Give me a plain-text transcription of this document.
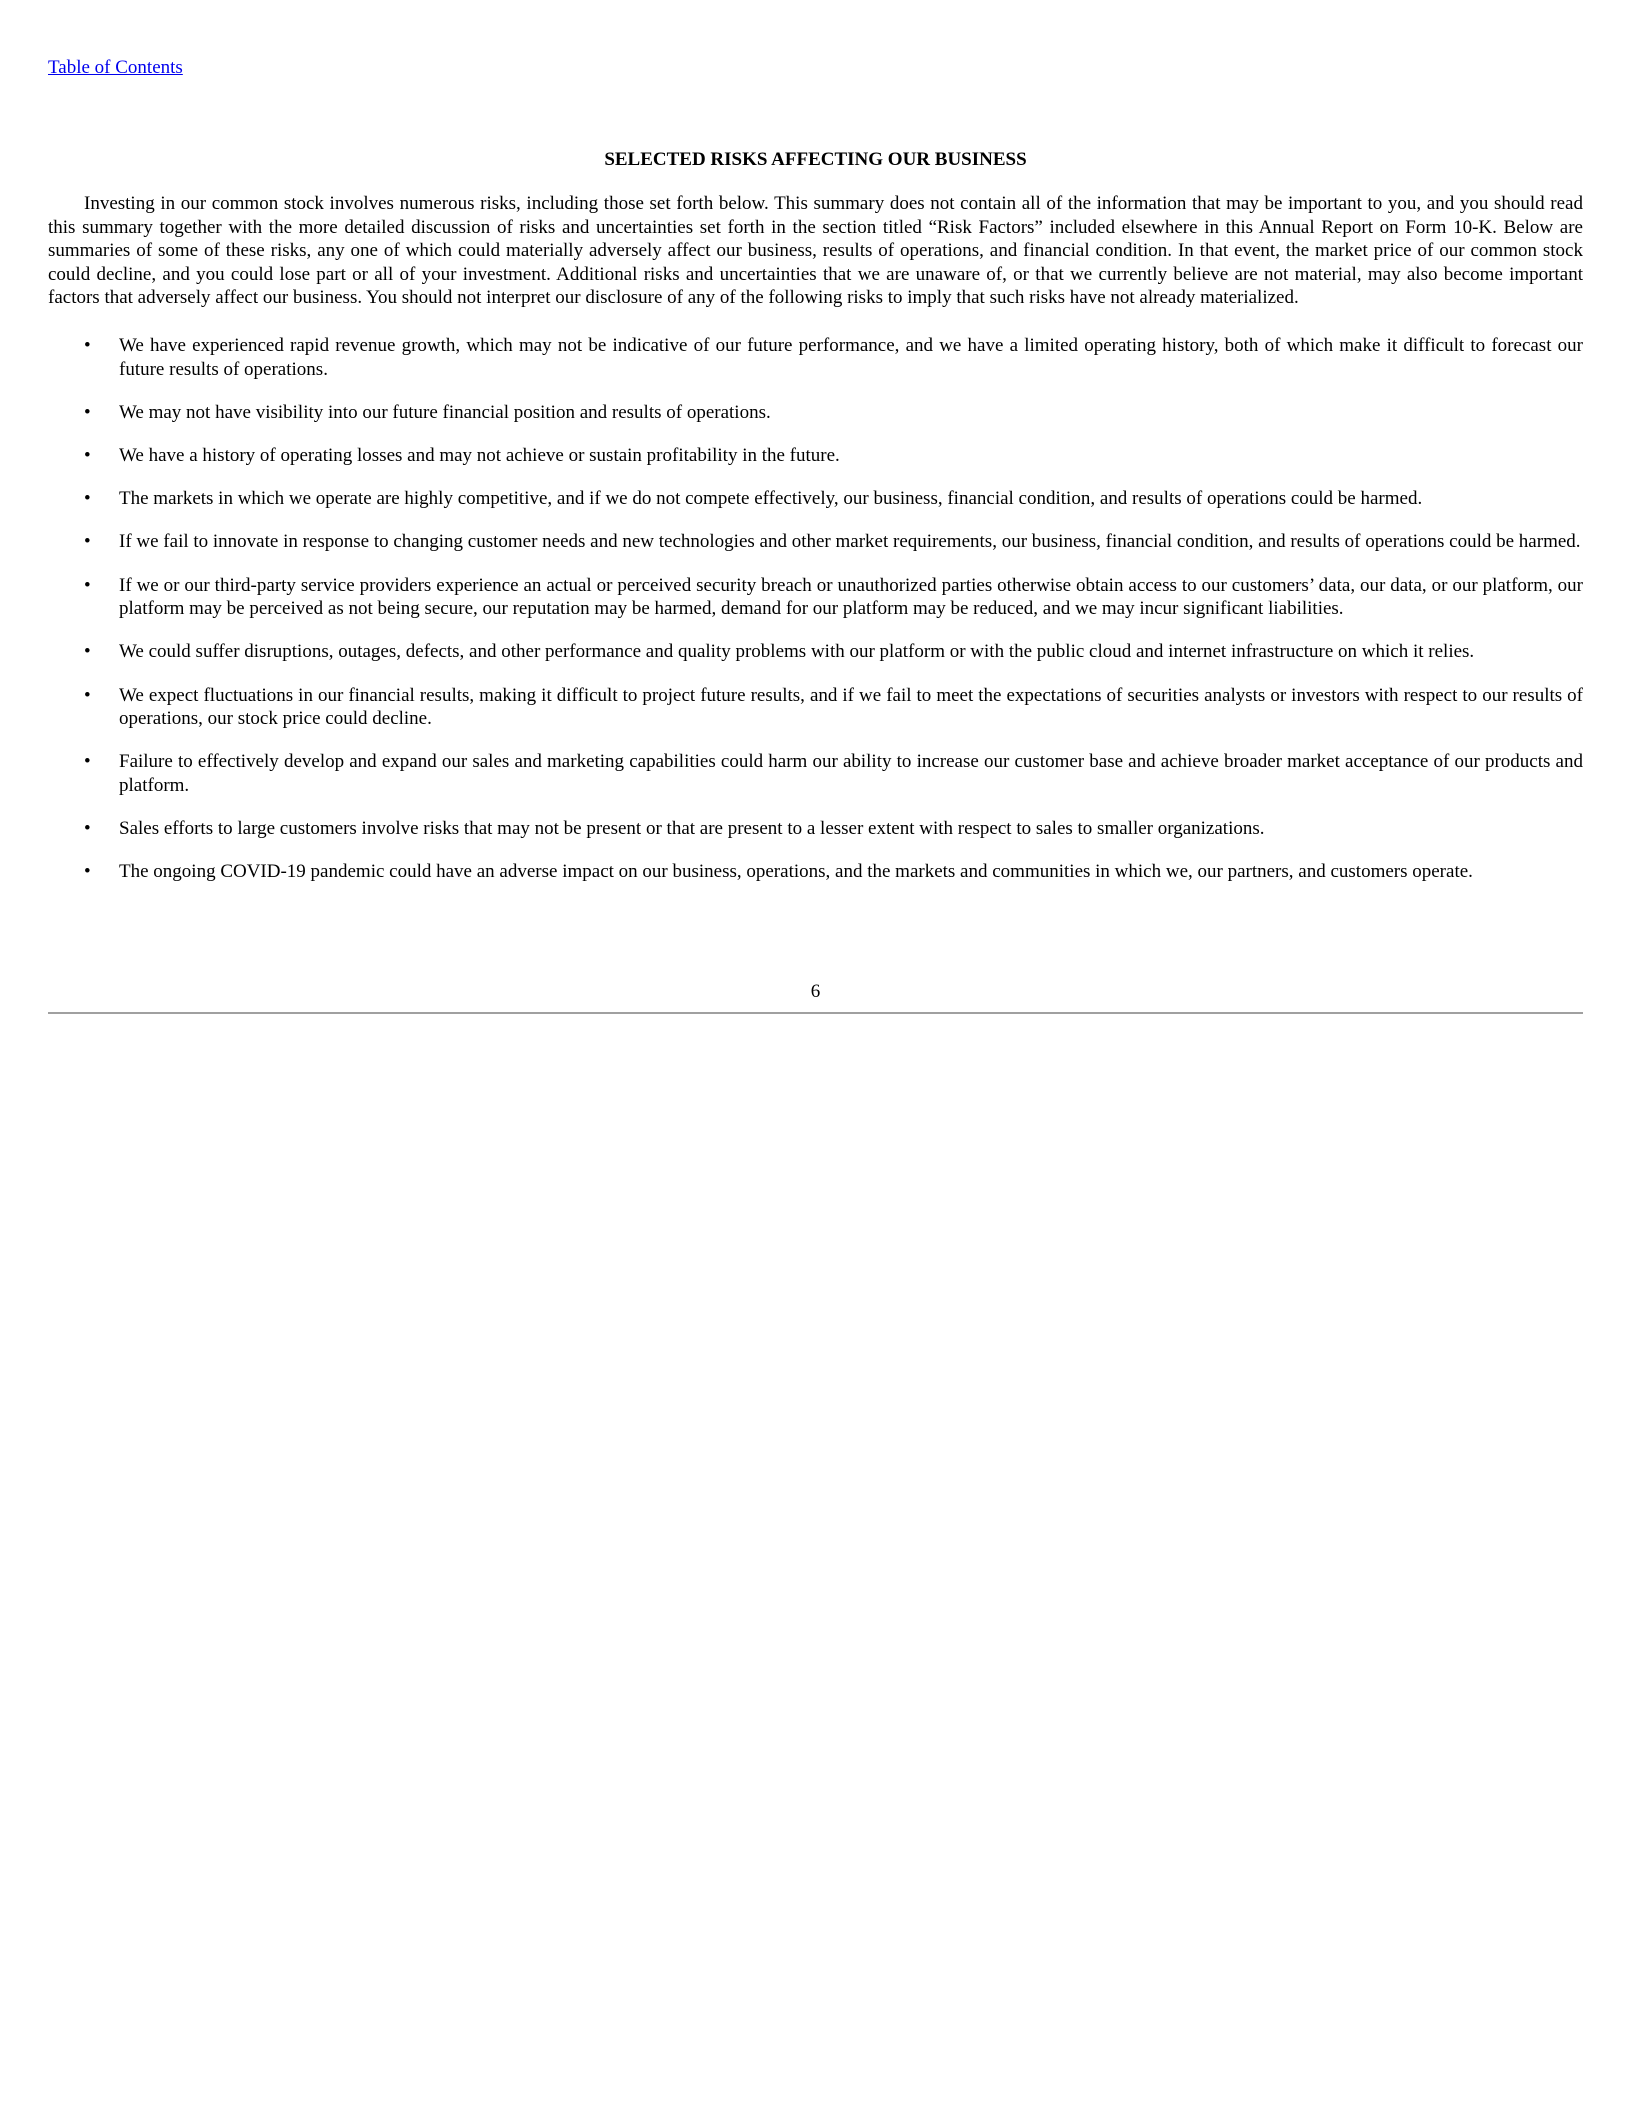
Table of Contents
SELECTED RISKS AFFECTING OUR BUSINESS

Investing in our common stock involves numerous risks, including those set forth below. This summary does not contain all of the information that may be important to you, and you should read this summary together with the more detailed discussion of risks and uncertainties set forth in the section titled “Risk Factors” included elsewhere in this Annual Report on Form 10-K. Below are summaries of some of these risks, any one of which could materially adversely affect our business, results of operations, and financial condition. In that event, the market price of our common stock could decline, and you could lose part or all of your investment. Additional risks and uncertainties that we are unaware of, or that we currently believe are not material, may also become important factors that adversely affect our business. You should not interpret our disclosure of any of the following risks to imply that such risks have not already materialized.

• We have experienced rapid revenue growth, which may not be indicative of our future performance, and we have a limited operating history, both of which make it difficult to forecast our future results of operations.
• We may not have visibility into our future financial position and results of operations.
• We have a history of operating losses and may not achieve or sustain profitability in the future.
• The markets in which we operate are highly competitive, and if we do not compete effectively, our business, financial condition, and results of operations could be harmed.
• If we fail to innovate in response to changing customer needs and new technologies and other market requirements, our business, financial condition, and results of operations could be harmed.
• If we or our third-party service providers experience an actual or perceived security breach or unauthorized parties otherwise obtain access to our customers’ data, our data, or our platform, our platform may be perceived as not being secure, our reputation may be harmed, demand for our platform may be reduced, and we may incur significant liabilities.
• We could suffer disruptions, outages, defects, and other performance and quality problems with our platform or with the public cloud and internet infrastructure on which it relies.
• We expect fluctuations in our financial results, making it difficult to project future results, and if we fail to meet the expectations of securities analysts or investors with respect to our results of operations, our stock price could decline.
• Failure to effectively develop and expand our sales and marketing capabilities could harm our ability to increase our customer base and achieve broader market acceptance of our products and platform.
• Sales efforts to large customers involve risks that may not be present or that are present to a lesser extent with respect to sales to smaller organizations.
• The ongoing COVID-19 pandemic could have an adverse impact on our business, operations, and the markets and communities in which we, our partners, and customers operate.
6
